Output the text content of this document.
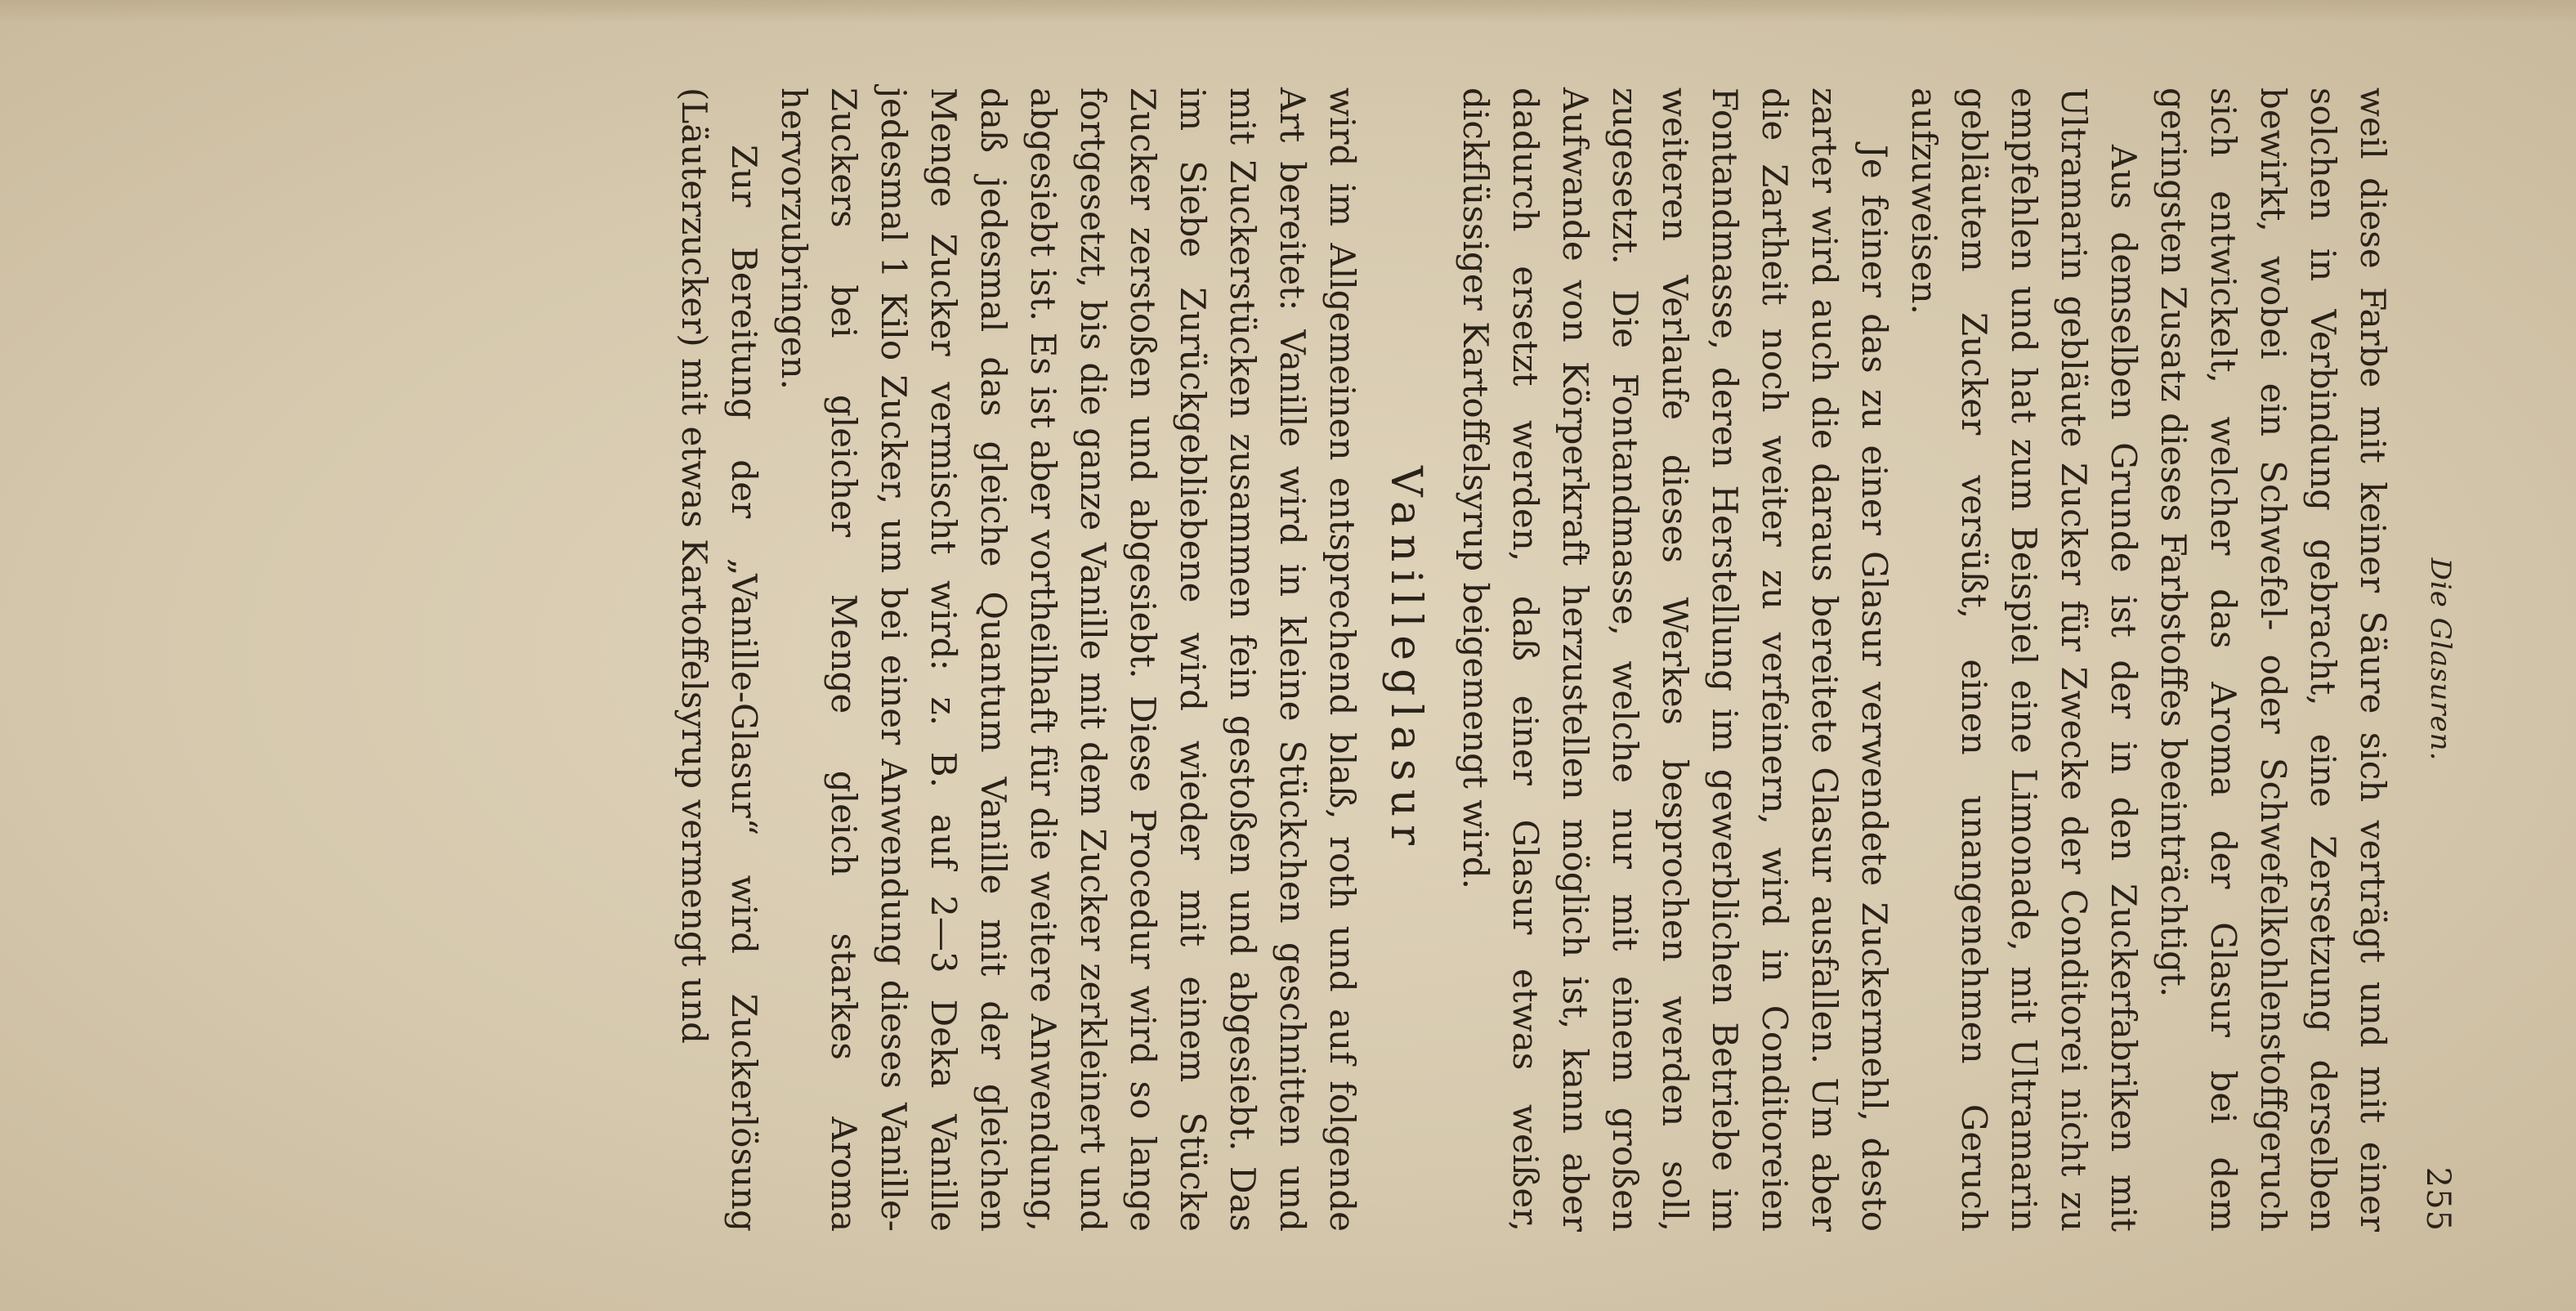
Die Glasuren.
255

weil diese Farbe mit keiner Säure sich verträgt und mit einer solchen in Verbindung gebracht, eine Zersetzung derselben bewirkt, wobei ein Schwefel- oder Schwefelkohlenstoffgeruch sich entwickelt, welcher das Aroma der Glasur bei dem geringsten Zusatz dieses Farbstoffes beeinträchtigt.

Aus demselben Grunde ist der in den Zuckerfabriken mit Ultramarin gebläute Zucker für Zwecke der Conditorei nicht zu empfehlen und hat zum Beispiel eine Limonade, mit Ultramarin gebläutem Zucker versüßt, einen unangenehmen Geruch aufzuweisen.

Je feiner das zu einer Glasur verwendete Zuckermehl, desto zarter wird auch die daraus bereitete Glasur ausfallen. Um aber die Zartheit noch weiter zu verfeinern, wird in Conditoreien Fontandmasse, deren Herstellung im gewerblichen Betriebe im weiteren Verlaufe dieses Werkes besprochen werden soll, zugesetzt. Die Fontandmasse, welche nur mit einem großen Aufwande von Körperkraft herzustellen möglich ist, kann aber dadurch ersetzt werden, daß einer Glasur etwas weißer, dickflüssiger Kartoffelsyrup beigemengt wird.

Vanilleglasur

wird im Allgemeinen entsprechend blaß, roth und auf folgende Art bereitet: Vanille wird in kleine Stückchen geschnitten und mit Zuckerstücken zusammen fein gestoßen und abgesiebt. Das im Siebe Zurückgebliebene wird wieder mit einem Stücke Zucker zerstoßen und abgesiebt. Diese Procedur wird so lange fortgesetzt, bis die ganze Vanille mit dem Zucker zerkleinert und abgesiebt ist. Es ist aber vortheilhaft für die weitere Anwendung, daß jedesmal das gleiche Quantum Vanille mit der gleichen Menge Zucker vermischt wird: z. B. auf 2—3 Deka Vanille jedesmal 1 Kilo Zucker, um bei einer Anwendung dieses Vanille-Zuckers bei gleicher Menge gleich starkes Aroma hervorzubringen.

Zur Bereitung der „Vanille-Glasur“ wird Zuckerlösung (Läuterzucker) mit etwas Kartoffelsyrup vermengt und
